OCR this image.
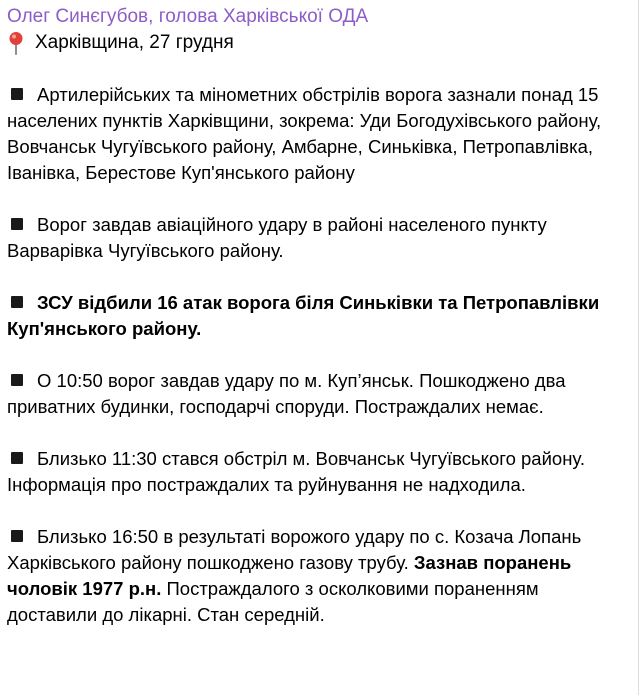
Олег Синєгубов, голова Харківської ОДА
Харківщина, 27 грудня
Артилерійських та мінометних обстрілів ворога зазнали понад 15 населених пунктів Харківщини, зокрема: Уди Богодухівського району, Вовчанськ Чугуївського району, Амбарне, Синьківка, Петропавлівка, Іванівка, Берестове Куп'янського району
Ворог завдав авіаційного удару в районі населеного пункту Варварівка Чугуївського району.
ЗСУ відбили 16 атак ворога біля Синьківки та Петропавлівки Куп'янського району.
О 10:50 ворог завдав удару по м. Куп’янськ. Пошкоджено два приватних будинки, господарчі споруди. Постраждалих немає.
Близько 11:30 стався обстріл м. Вовчанськ Чугуївського району. Інформація про постраждалих та руйнування не надходила.
Близько 16:50 в результаті ворожого удару по с. Козача Лопань Харківського району пошкоджено газову трубу. Зазнав поранень чоловік 1977 р.н. Постраждалого з осколковими пораненням доставили до лікарні. Стан середній.
